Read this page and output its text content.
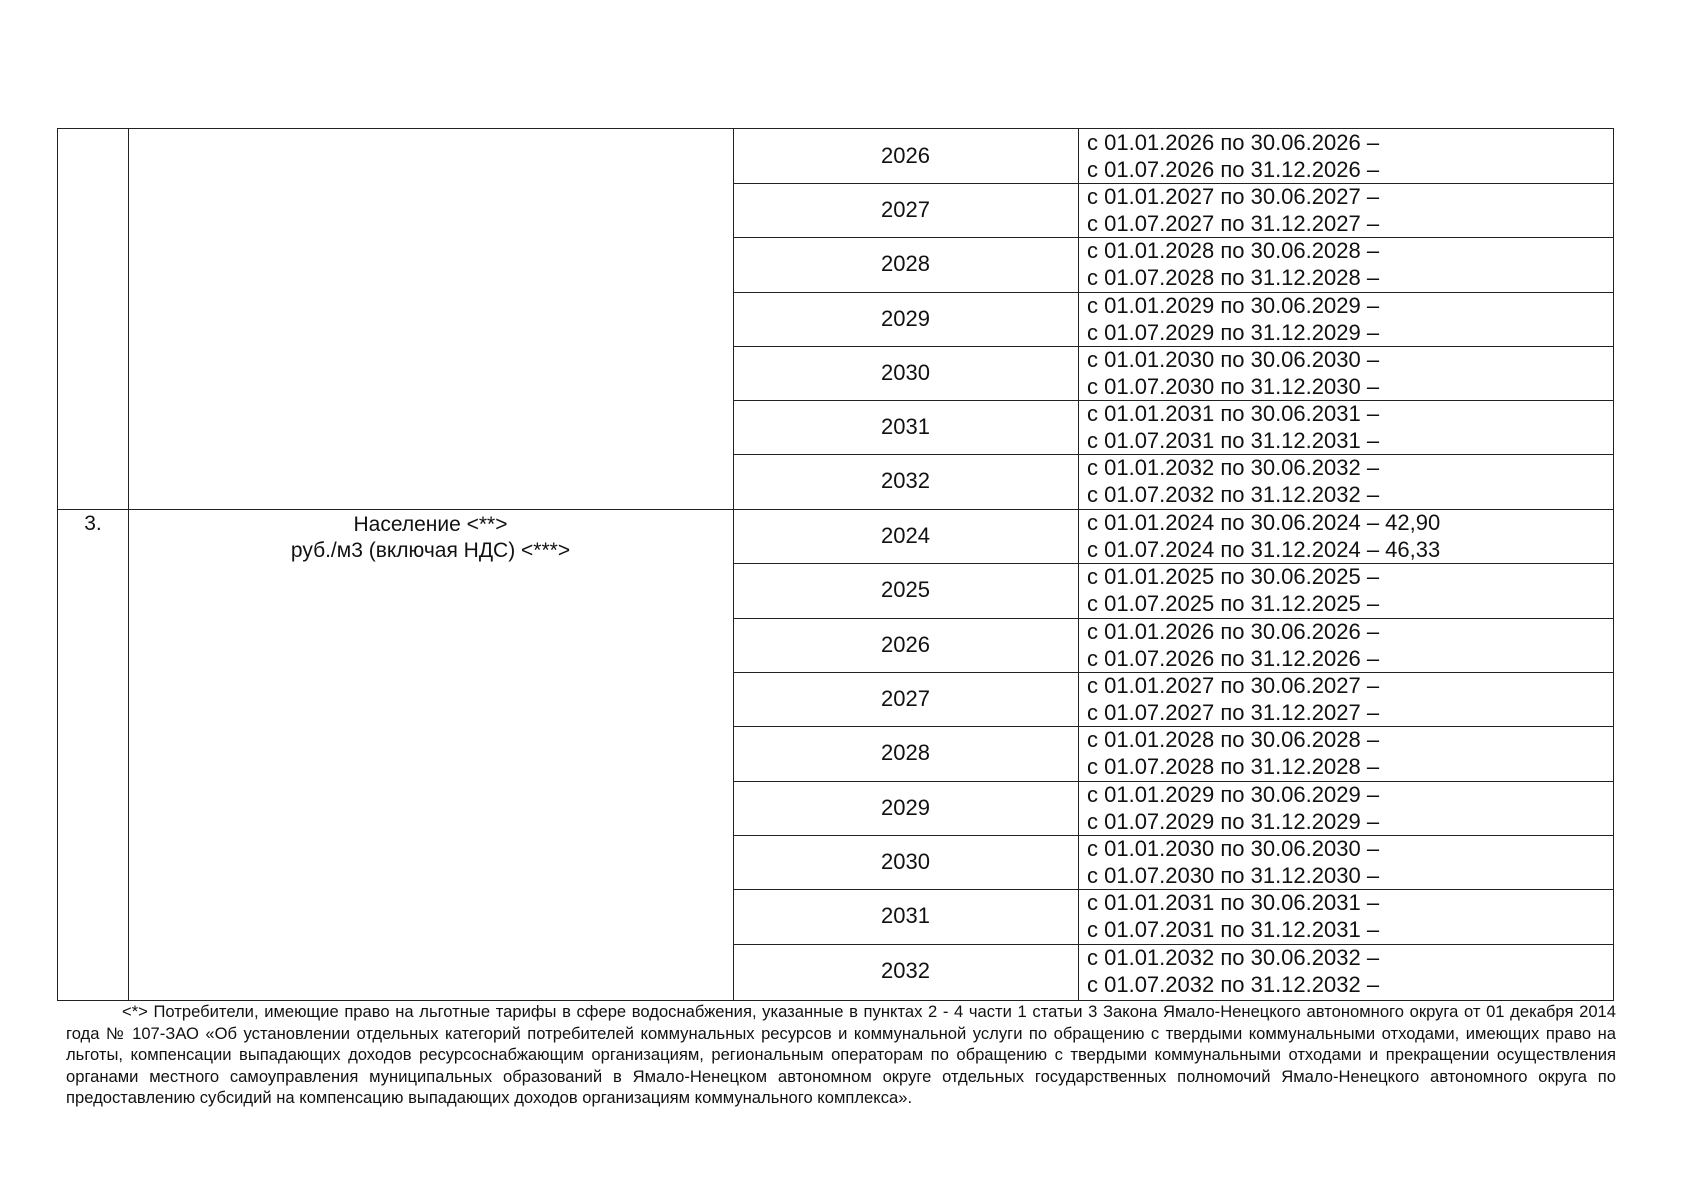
3.	Население <**>
руб./м3 (включая НДС) <***>
2026
с 01.01.2026 по 30.06.2026 –
с 01.07.2026 по 31.12.2026 –
2027
с 01.01.2027 по 30.06.2027 –
с 01.07.2027 по 31.12.2027 –
2028
с 01.01.2028 по 30.06.2028 –
с 01.07.2028 по 31.12.2028 –
2029
с 01.01.2029 по 30.06.2029 –
с 01.07.2029 по 31.12.2029 –
2030
с 01.01.2030 по 30.06.2030 –
с 01.07.2030 по 31.12.2030 –
2031
с 01.01.2031 по 30.06.2031 –
с 01.07.2031 по 31.12.2031 –
2032
с 01.01.2032 по 30.06.2032 –
с 01.07.2032 по 31.12.2032 –
2024
с 01.01.2024 по 30.06.2024 – 42,90
с 01.07.2024 по 31.12.2024 – 46,33
2025
с 01.01.2025 по 30.06.2025 –
с 01.07.2025 по 31.12.2025 –
2026
с 01.01.2026 по 30.06.2026 –
с 01.07.2026 по 31.12.2026 –
2027
с 01.01.2027 по 30.06.2027 –
с 01.07.2027 по 31.12.2027 –
2028
с 01.01.2028 по 30.06.2028 –
с 01.07.2028 по 31.12.2028 –
2029
с 01.01.2029 по 30.06.2029 –
с 01.07.2029 по 31.12.2029 –
2030
с 01.01.2030 по 30.06.2030 –
с 01.07.2030 по 31.12.2030 –
2031
с 01.01.2031 по 30.06.2031 –
с 01.07.2031 по 31.12.2031 –
2032
с 01.01.2032 по 30.06.2032 –
с 01.07.2032 по 31.12.2032 –

<*> Потребители, имеющие право на льготные тарифы в сфере водоснабжения, указанные в пунктах 2 - 4 части 1 статьи 3 Закона Ямало-Ненецкого автономного округа от 01 декабря 2014 года № 107-ЗАО «Об установлении отдельных категорий потребителей коммунальных ресурсов и коммунальной услуги по обращению с твердыми коммунальными отходами, имеющих право на льготы, компенсации выпадающих доходов ресурсоснабжающим организациям, региональным операторам по обращению с твердыми коммунальными отходами и прекращении осуществления органами местного самоуправления муниципальных образований в Ямало-Ненецком автономном округе отдельных государственных полномочий Ямало-Ненецкого автономного округа по предоставлению субсидий на компенсацию выпадающих доходов организациям коммунального комплекса».
